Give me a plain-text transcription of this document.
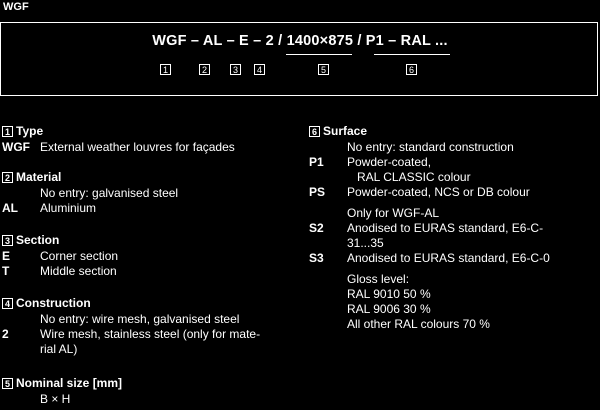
WGF
WGF – AL – E – 2 / 1400×875 / P1 – RAL ...
1	2	3	4	5	6
1 Type
WGF External weather louvres for façades
2 Material
No entry: galvanised steel
AL	Aluminium
3 Section
E	Corner section
T	Middle section
4 Construction
No entry: wire mesh, galvanised steel
2	Wire mesh, stainless steel (only for mate-
rial AL)
5 Nominal size [mm]
B × H
6 Surface
No entry: standard construction
P1	Powder-coated,
RAL CLASSIC colour
PS	Powder-coated, NCS or DB colour
Only for WGF-AL
S2	Anodised to EURAS standard, E6-C-
31...35
S3	Anodised to EURAS standard, E6-C-0
Gloss level:
RAL 9010 50 %
RAL 9006 30 %
All other RAL colours 70 %
